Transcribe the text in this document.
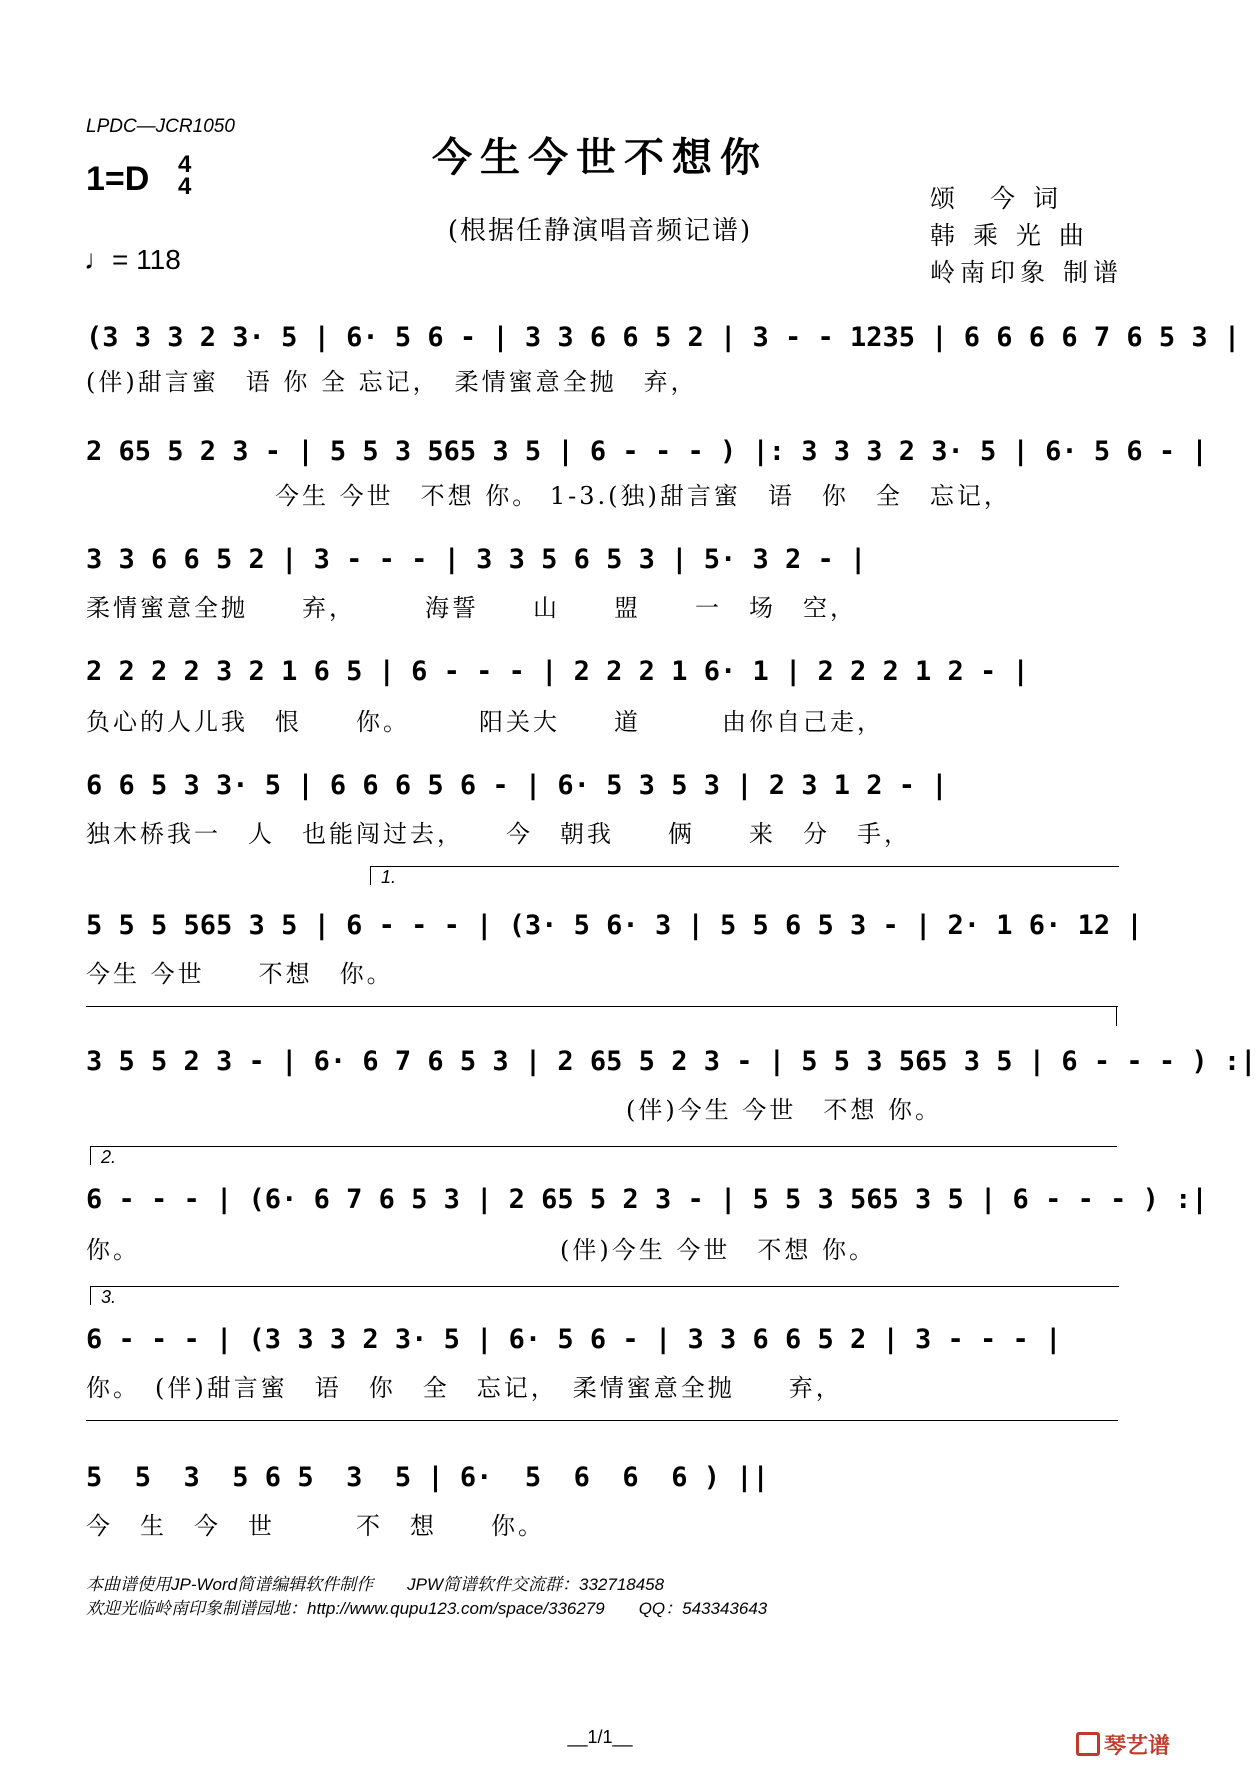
LPDC—JCR1050
今生今世不想你
(根据任静演唱音频记谱)
1=D 4
4
♩= 118
颂　今 词
韩 乘 光 曲
岭南印象 制谱
(3 3 3 2 3· 5 | 6· 5 6 - | 3 3 6 6 5 2 | 3 - - 1235 | 6 6 6 6 7 6 5 3 |
(伴)甜言蜜　语 你 全 忘记，　柔情蜜意全抛　弃，
2 65 5 2 3 - | 5 5 3 565 3 5 | 6 - - - ) |: 3 3 3 2 3· 5 | 6· 5 6 - |
　　　　　　　今生 今世　不想 你。 1-3.(独)甜言蜜　语　你　全　忘记，
3 3 6 6 5 2 | 3 - - - | 3 3 5 6 5 3 | 5· 3 2 - |
柔情蜜意全抛　　弃，　　　海誓　　山　　盟　　一　场　空，
2 2 2 2 3 2 1 6 5 | 6 - - - | 2 2 2 1 6· 1 | 2 2 2 1 2 - |
负心的人儿我　恨　　你。　　　阳关大　　道　　　由你自己走，
6 6 5 3 3· 5 | 6 6 6 5 6 - | 6· 5 3 5 3 | 2 3 1 2 - |
独木桥我一　人　也能闯过去，　　今　朝我　　俩　　来　分　手，
1.
5 5 5 565 3 5 | 6 - - - | (3· 5 6· 3 | 5 5 6 5 3 - | 2· 1 6· 12 |
今生 今世　　不想　你。
3 5 5 2 3 - | 6· 6 7 6 5 3 | 2 65 5 2 3 - | 5 5 3 565 3 5 | 6 - - - ) :|
　　　　　　　　　　　　　　　　　　　　(伴)今生 今世　不想 你。
2.
6 - - - | (6· 6 7 6 5 3 | 2 65 5 2 3 - | 5 5 3 565 3 5 | 6 - - - ) :|
你。　　　　　　　　　　　　　　　　(伴)今生 今世　不想 你。
3.
6 - - - | (3 3 3 2 3· 5 | 6· 5 6 - | 3 3 6 6 5 2 | 3 - - - |
你。　(伴)甜言蜜　语　你　全　忘记，　柔情蜜意全抛　　弃，
5  5  3  5 6 5  3  5 | 6·  5  6  6  6 ) ||
今　生　今　世　　　不　想　　你。
本曲谱使用JP-Word简谱编辑软件制作　　JPW简谱软件交流群：332718458
欢迎光临岭南印象制谱园地：http://www.qupu123.com/space/336279　　QQ：543343643
__1/1__	琴艺谱
